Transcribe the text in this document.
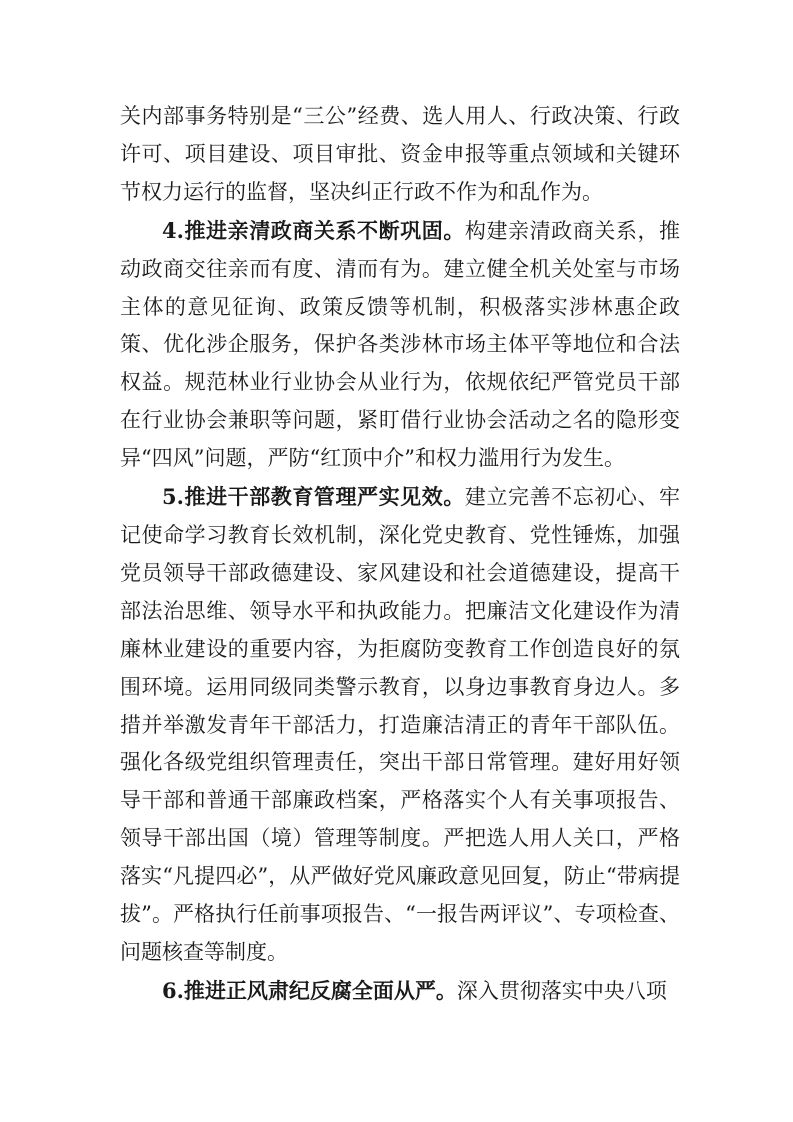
关内部事务特别是“三公”经费、选人用人、行政决策、行政许可、项目建设、项目审批、资金申报等重点领域和关键环节权力运行的监督，坚决纠正行政不作为和乱作为。

4.推进亲清政商关系不断巩固。构建亲清政商关系，推动政商交往亲而有度、清而有为。建立健全机关处室与市场主体的意见征询、政策反馈等机制，积极落实涉林惠企政策、优化涉企服务，保护各类涉林市场主体平等地位和合法权益。规范林业行业协会从业行为，依规依纪严管党员干部在行业协会兼职等问题，紧盯借行业协会活动之名的隐形变异“四风”问题，严防“红顶中介”和权力滥用行为发生。

5.推进干部教育管理严实见效。建立完善不忘初心、牢记使命学习教育长效机制，深化党史教育、党性锤炼，加强党员领导干部政德建设、家风建设和社会道德建设，提高干部法治思维、领导水平和执政能力。把廉洁文化建设作为清廉林业建设的重要内容，为拒腐防变教育工作创造良好的氛围环境。运用同级同类警示教育，以身边事教育身边人。多措并举激发青年干部活力，打造廉洁清正的青年干部队伍。强化各级党组织管理责任，突出干部日常管理。建好用好领导干部和普通干部廉政档案，严格落实个人有关事项报告、领导干部出国（境）管理等制度。严把选人用人关口，严格落实“凡提四必”，从严做好党风廉政意见回复，防止“带病提拔”。严格执行任前事项报告、“一报告两评议”、专项检查、问题核查等制度。

6.推进正风肃纪反腐全面从严。深入贯彻落实中央八项
